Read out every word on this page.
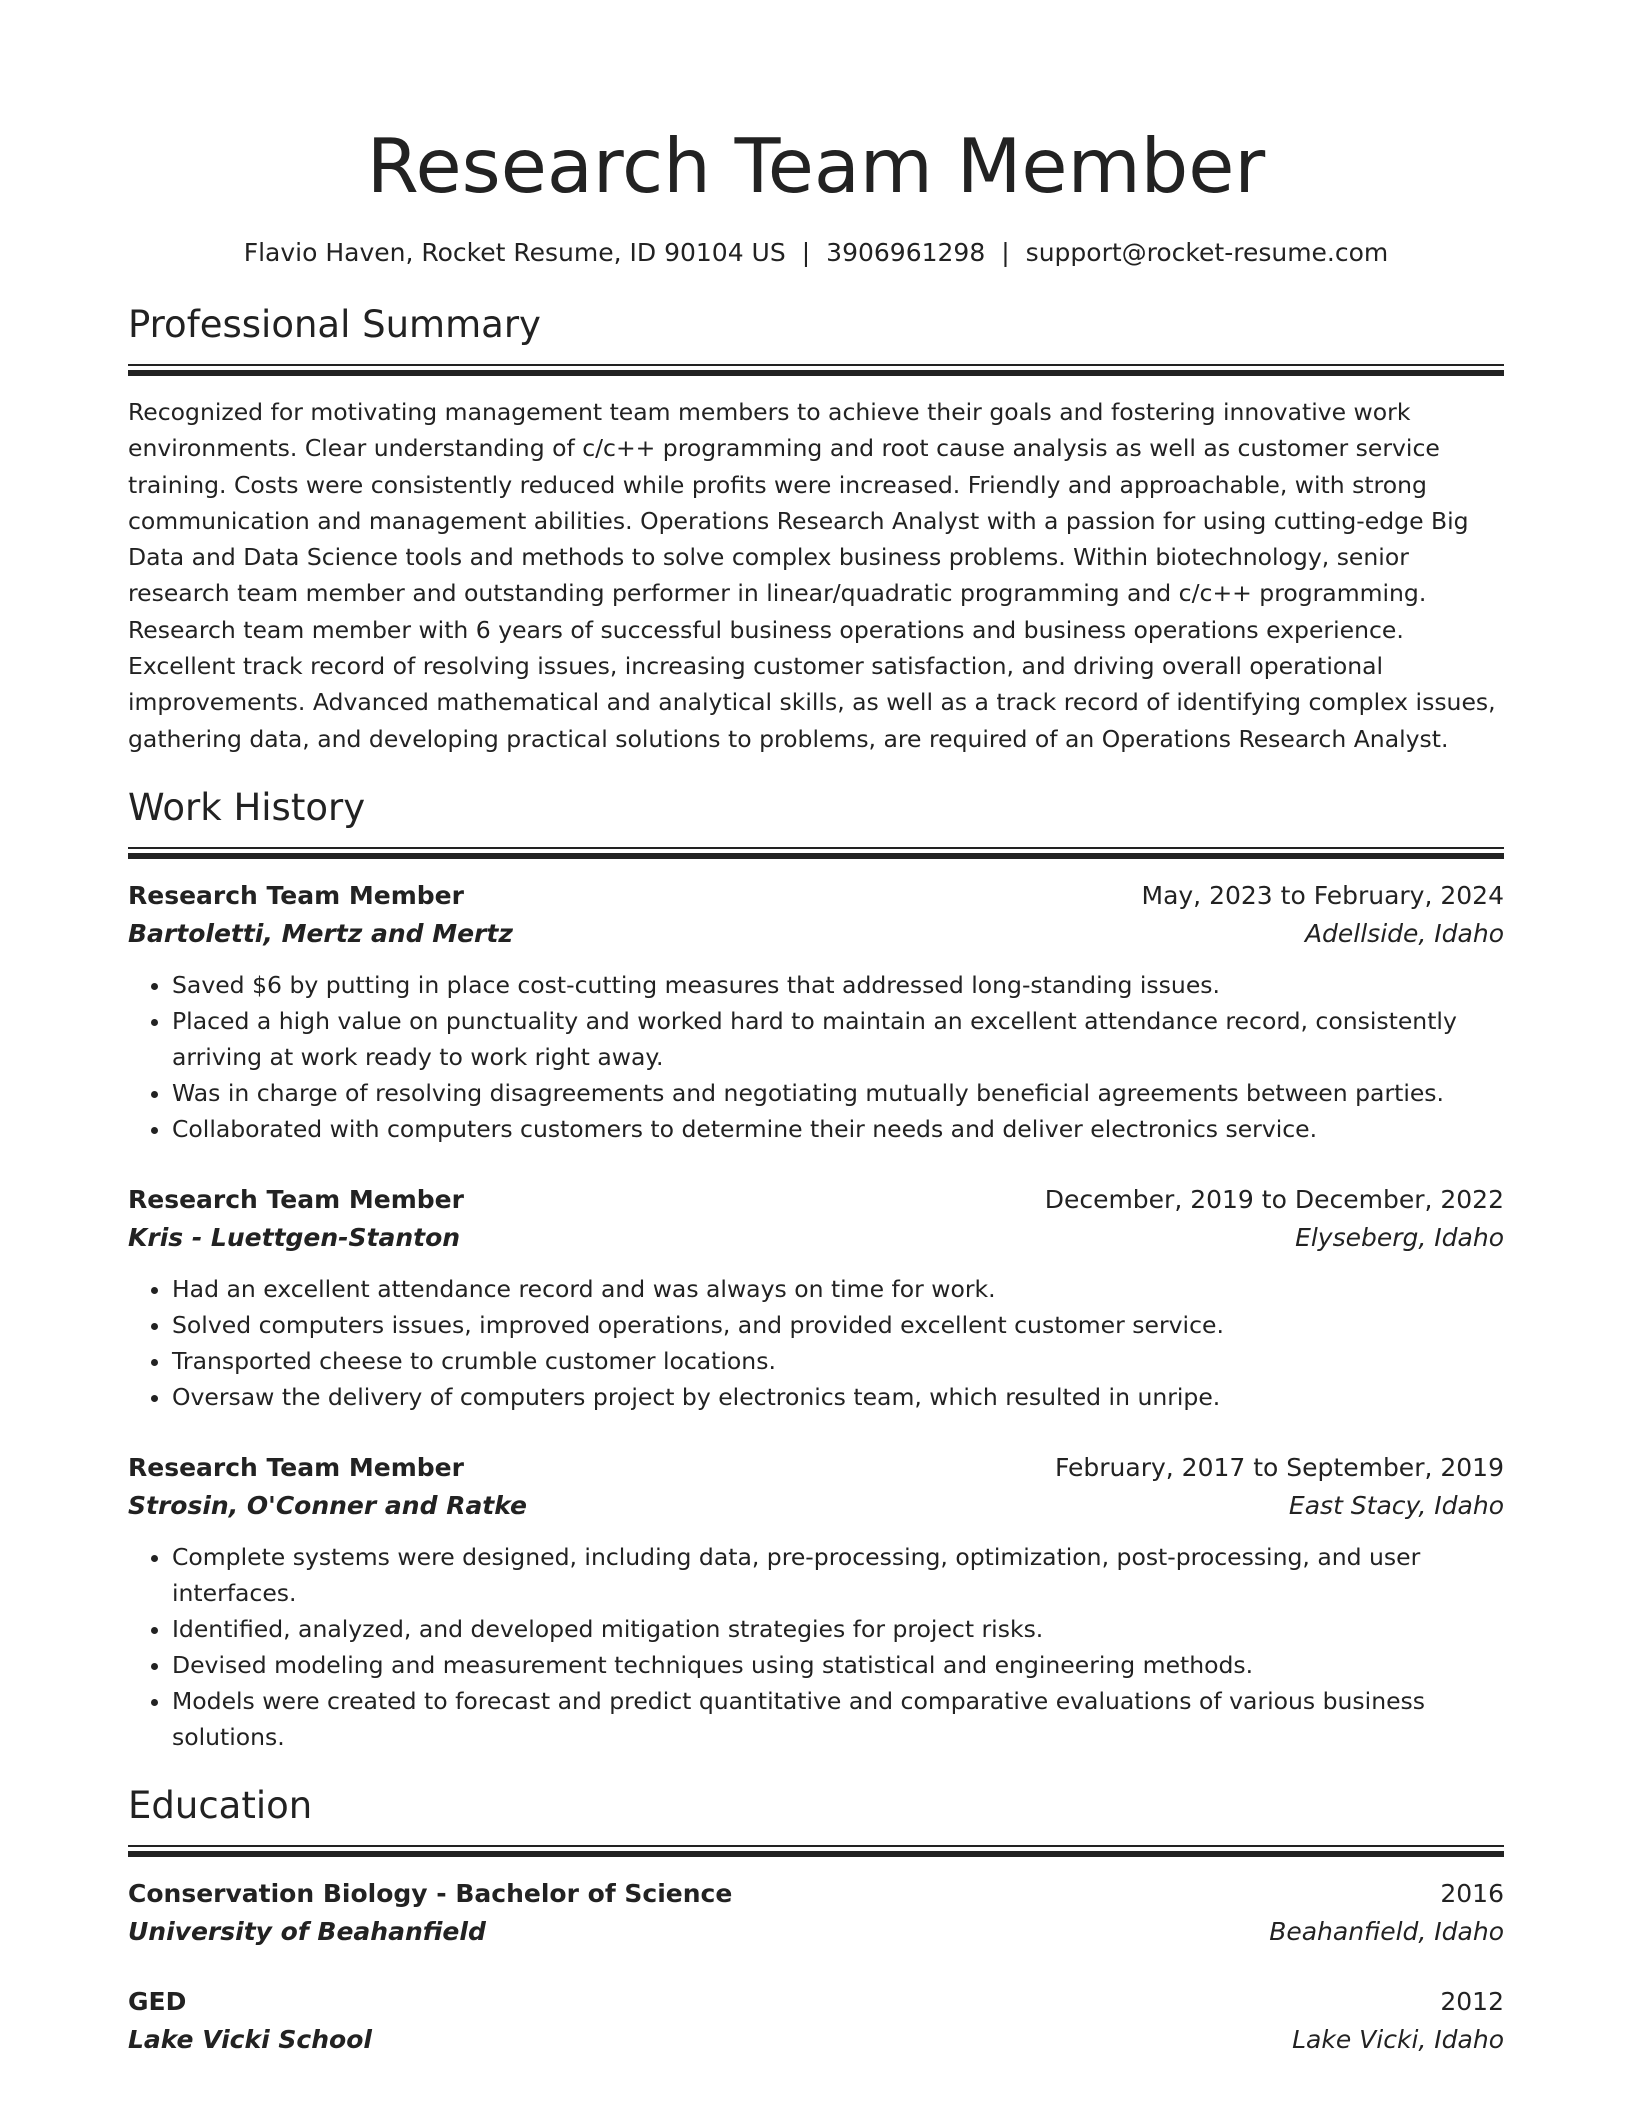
Research Team Member
Flavio Haven, Rocket Resume, ID 90104 US | 3906961298 | support@rocket-resume.com
Professional Summary

Recognized for motivating management team members to achieve their goals and fostering innovative work environments. Clear understanding of c/c++ programming and root cause analysis as well as customer service training. Costs were consistently reduced while profits were increased. Friendly and approachable, with strong communication and management abilities. Operations Research Analyst with a passion for using cutting-edge Big Data and Data Science tools and methods to solve complex business problems. Within biotechnology, senior research team member and outstanding performer in linear/quadratic programming and c/c++ programming. Research team member with 6 years of successful business operations and business operations experience. Excellent track record of resolving issues, increasing customer satisfaction, and driving overall operational improvements. Advanced mathematical and analytical skills, as well as a track record of identifying complex issues, gathering data, and developing practical solutions to problems, are required of an Operations Research Analyst.

Work History
Research Team Member	May, 2023 to February, 2024
Bartoletti, Mertz and Mertz	Adellside, Idaho
• Saved $6 by putting in place cost-cutting measures that addressed long-standing issues.
• Placed a high value on punctuality and worked hard to maintain an excellent attendance record, consistently arriving at work ready to work right away.
• Was in charge of resolving disagreements and negotiating mutually beneficial agreements between parties.
• Collaborated with computers customers to determine their needs and deliver electronics service.
Research Team Member	December, 2019 to December, 2022
Kris - Luettgen-Stanton	Elyseberg, Idaho
• Had an excellent attendance record and was always on time for work.
• Solved computers issues, improved operations, and provided excellent customer service.
• Transported cheese to crumble customer locations.
• Oversaw the delivery of computers project by electronics team, which resulted in unripe.
Research Team Member	February, 2017 to September, 2019
Strosin, O'Conner and Ratke	East Stacy, Idaho
• Complete systems were designed, including data, pre-processing, optimization, post-processing, and user interfaces.
• Identified, analyzed, and developed mitigation strategies for project risks.
• Devised modeling and measurement techniques using statistical and engineering methods.
• Models were created to forecast and predict quantitative and comparative evaluations of various business solutions.
Education
Conservation Biology - Bachelor of Science	2016
University of Beahanfield	Beahanfield, Idaho
GED	2012
Lake Vicki School	Lake Vicki, Idaho
